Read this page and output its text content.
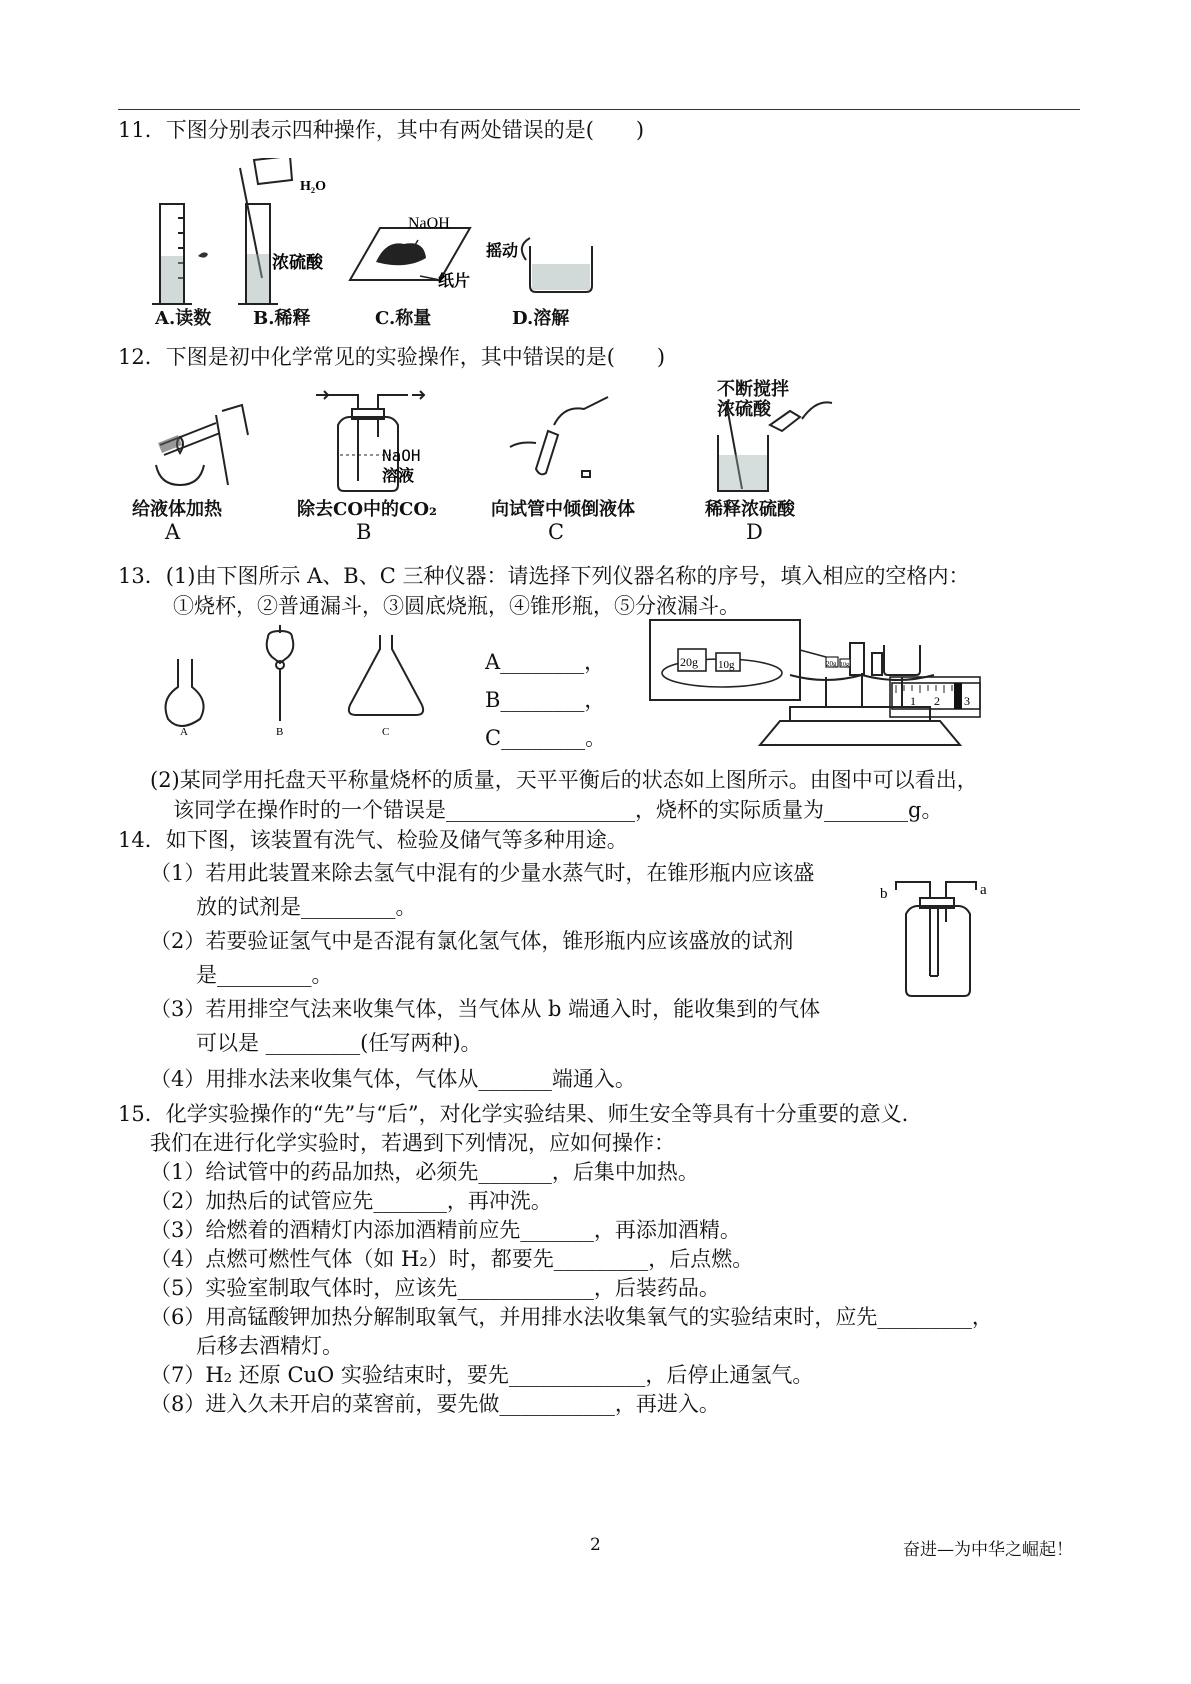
11．下图分别表示四种操作，其中有两处错误的是(　　)
H₂O
浓硫酸
NaOH
纸片
摇动
A.读数 B.稀释	C.称量	D.溶解
12．下图是初中化学常见的实验操作，其中错误的是(　　)
NaOH
溶液
不断搅拌
浓硫酸
给液体加热	除去CO中的CO₂	向试管中倾倒液体	稀释浓硫酸
A	B	C	D
13．(1)由下图所示 A、B、C 三种仪器：请选择下列仪器名称的序号，填入相应的空格内：
①烧杯，②普通漏斗，③圆底烧瓶，④锥形瓶，⑤分液漏斗。
A	B	C
A________，
B________，
C________。
20g 10g	20g 10g
1 2 3
(2)某同学用托盘天平称量烧杯的质量，天平平衡后的状态如上图所示。由图中可以看出，
该同学在操作时的一个错误是__________________，烧杯的实际质量为________g。
14．如下图，该装置有洗气、检验及储气等多种用途。
（1）若用此装置来除去氢气中混有的少量水蒸气时，在锥形瓶内应该盛
放的试剂是_________。
（2）若要验证氢气中是否混有氯化氢气体，锥形瓶内应该盛放的试剂
是_________。
（3）若用排空气法来收集气体，当气体从 b 端通入时，能收集到的气体
可以是 _________(任写两种)。
（4）用排水法来收集气体，气体从_______端通入。
b	a
15．化学实验操作的“先”与“后”，对化学实验结果、师生安全等具有十分重要的意义.
我们在进行化学实验时，若遇到下列情况，应如何操作：
（1）给试管中的药品加热，必须先_______，后集中加热。
（2）加热后的试管应先_______，再冲洗。
（3）给燃着的酒精灯内添加酒精前应先_______，再添加酒精。
（4）点燃可燃性气体（如 H₂）时，都要先_________，后点燃。
（5）实验室制取气体时，应该先_____________，后装药品。
（6）用高锰酸钾加热分解制取氧气，并用排水法收集氧气的实验结束时，应先_________，
后移去酒精灯。
（7）H₂ 还原 CuO 实验结束时，要先_____________，后停止通氢气。
（8）进入久未开启的菜窖前，要先做___________，再进入。
2	奋进—为中华之崛起！
